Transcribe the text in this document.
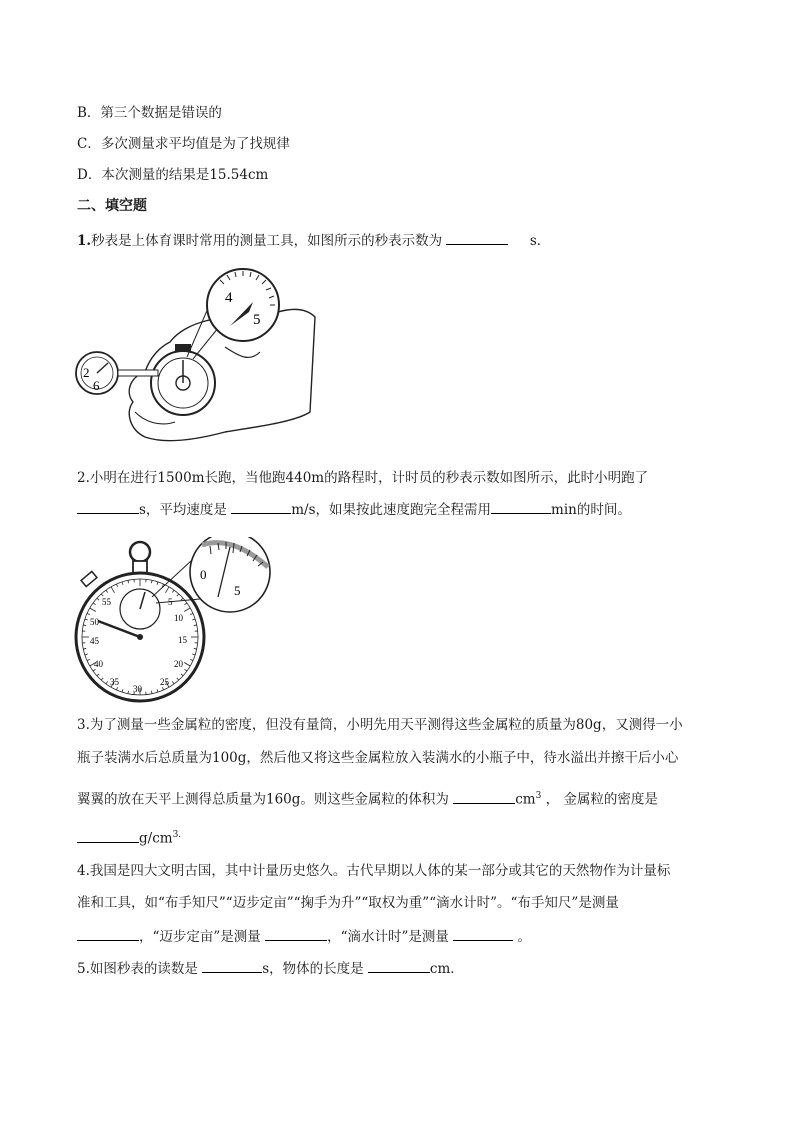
B．第三个数据是错误的
C．多次测量求平均值是为了找规律
D．本次测量的结果是15.54cm
二、填空题
1.秒表是上体育课时常用的测量工具，如图所示的秒表示数为	s．
4
5
2
6
2.小明在进行1500m长跑，当他跑440m的路程时，计时员的秒表示数如图所示，此时小明跑了
s，平均速度是	m/s，如果按此速度跑完全程需用	min的时间。
55
50	10
45	15
40	20
35	25
30
0
5
3.为了测量一些金属粒的密度，但没有量筒，小明先用天平测得这些金属粒的质量为80g，又测得一小
瓶子装满水后总质量为100g，然后他又将这些金属粒放入装满水的小瓶子中，待水溢出并擦干后小心
翼翼的放在天平上测得总质量为160g。则这些金属粒的体积为	$cm^3$ ， 金属粒的密度是
$g/cm^{3.}$
4.我国是四大文明古国，其中计量历史悠久。古代早期以人体的某一部分或其它的天然物作为计量标
准和工具，如“布手知尺”“迈步定亩”“掬手为升”“取权为重”“滴水计时”。“布手知尺”是测量
，“迈步定亩”是测量	，“滴水计时”是测量	。
5.如图秒表的读数是	s，物体的长度是	cm．
